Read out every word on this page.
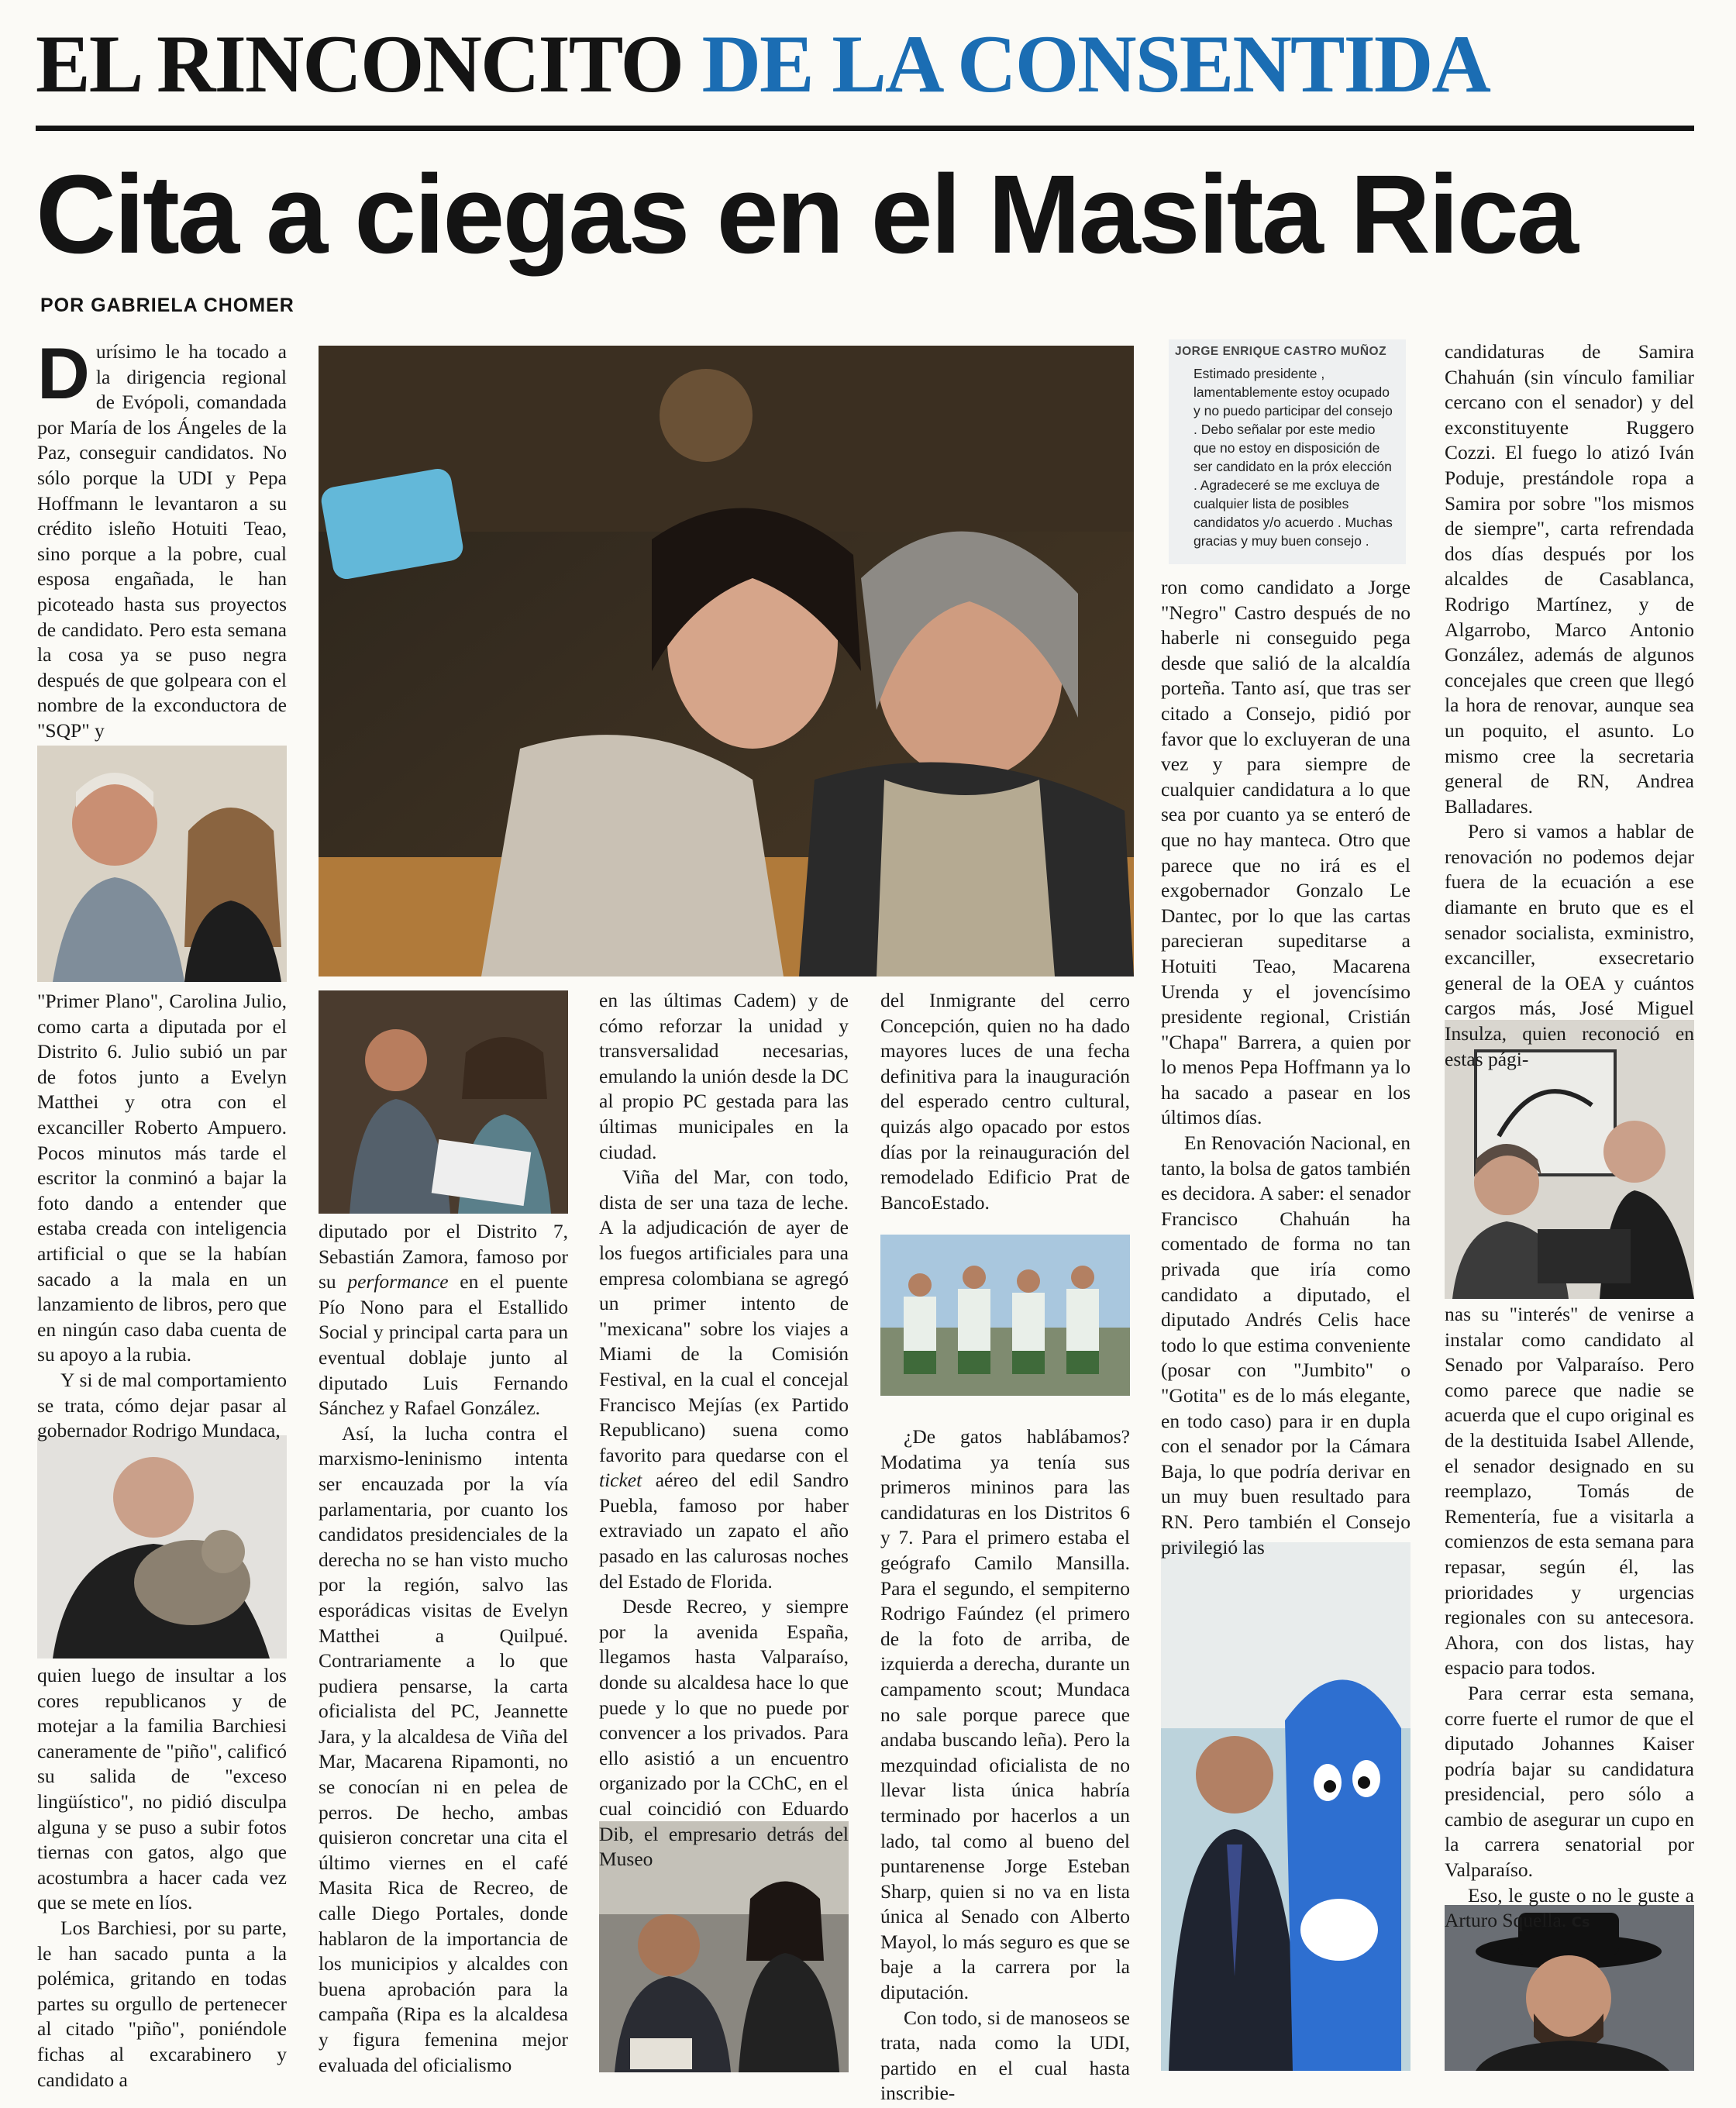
EL RINCONCITO DE LA CONSENTIDA
Cita a ciegas en el Masita Rica
POR GABRIELA CHOMER
JORGE ENRIQUE CASTRO MUÑOZ
Estimado presidente , lamentablemente estoy ocupado y no puedo participar del consejo . Debo señalar por este medio que no estoy en disposición de ser candidato en la próx elección . Agradeceré se me excluya de cualquier lista de posibles candidatos y/o acuerdo . Muchas gracias y muy buen consejo .

Durísimo le ha tocado a la dirigencia regional de Evópoli, comandada por María de los Ángeles de la Paz, conseguir candidatos. No sólo porque la UDI y Pepa Hoffmann le levantaron a su crédito isleño Hotuiti Teao, sino porque a la pobre, cual esposa engañada, le han picoteado hasta sus proyectos de candidato. Pero esta semana la cosa ya se puso negra después de que golpeara con el nombre de la exconductora de "SQP" y

"Primer Plano", Carolina Julio, como carta a diputada por el Distrito 6. Julio subió un par de fotos junto a Evelyn Matthei y otra con el excanciller Roberto Ampuero. Pocos minutos más tarde el escritor la conminó a bajar la foto dando a entender que estaba creada con inteligencia artificial o que se la habían sacado a la mala en un lanzamiento de libros, pero que en ningún caso daba cuenta de su apoyo a la rubia.

Y si de mal comportamiento se trata, cómo dejar pasar al gobernador Rodrigo Mundaca,

quien luego de insultar a los cores republicanos y de motejar a la familia Barchiesi caneramente de "piño", calificó su salida de "exceso lingüístico", no pidió disculpa alguna y se puso a subir fotos tiernas con gatos, algo que acostumbra a hacer cada vez que se mete en líos.

Los Barchiesi, por su parte, le han sacado punta a la polémica, gritando en todas partes su orgullo de pertenecer al citado "piño", poniéndole fichas al excarabinero y candidato a

diputado por el Distrito 7, Sebastián Zamora, famoso por su performance en el puente Pío Nono para el Estallido Social y principal carta para un eventual doblaje junto al diputado Luis Fernando Sánchez y Rafael González.

Así, la lucha contra el marxismo-leninismo intenta ser encauzada por la vía parlamentaria, por cuanto los candidatos presidenciales de la derecha no se han visto mucho por la región, salvo las esporádicas visitas de Evelyn Matthei a Quilpué. Contrariamente a lo que pudiera pensarse, la carta oficialista del PC, Jeannette Jara, y la alcaldesa de Viña del Mar, Macarena Ripamonti, no se conocían ni en pelea de perros. De hecho, ambas quisieron concretar una cita el último viernes en el café Masita Rica de Recreo, de calle Diego Portales, donde hablaron de la importancia de los municipios y alcaldes con buena aprobación para la campaña (Ripa es la alcaldesa y figura femenina mejor evaluada del oficialismo

en las últimas Cadem) y de cómo reforzar la unidad y transversalidad necesarias, emulando la unión desde la DC al propio PC gestada para las últimas municipales en la ciudad.

Viña del Mar, con todo, dista de ser una taza de leche. A la adjudicación de ayer de los fuegos artificiales para una empresa colombiana se agregó un primer intento de "mexicana" sobre los viajes a Miami de la Comisión Festival, en la cual el concejal Francisco Mejías (ex Partido Republicano) suena como favorito para quedarse con el ticket aéreo del edil Sandro Puebla, famoso por haber extraviado un zapato el año pasado en las calurosas noches del Estado de Florida.

Desde Recreo, y siempre por la avenida España, llegamos hasta Valparaíso, donde su alcaldesa hace lo que puede y lo que no puede por convencer a los privados. Para ello asistió a un encuentro organizado por la CChC, en el cual coincidió con Eduardo Dib, el empresario detrás del Museo

del Inmigrante del cerro Concepción, quien no ha dado mayores luces de una fecha definitiva para la inauguración del esperado centro cultural, quizás algo opacado por estos días por la reinauguración del remodelado Edificio Prat de BancoEstado.

¿De gatos hablábamos? Modatima ya tenía sus primeros mininos para las candidaturas en los Distritos 6 y 7. Para el primero estaba el geógrafo Camilo Mansilla. Para el segundo, el sempiterno Rodrigo Faúndez (el primero de la foto de arriba, de izquierda a derecha, durante un campamento scout; Mundaca no sale porque parece que andaba buscando leña). Pero la mezquindad oficialista de no llevar lista única habría terminado por hacerlos a un lado, tal como al bueno del puntarenense Jorge Esteban Sharp, quien si no va en lista única al Senado con Alberto Mayol, lo más seguro es que se baje a la carrera por la diputación.

Con todo, si de manoseos se trata, nada como la UDI, partido en el cual hasta inscribie-

ron como candidato a Jorge "Negro" Castro después de no haberle ni conseguido pega desde que salió de la alcaldía porteña. Tanto así, que tras ser citado a Consejo, pidió por favor que lo excluyeran de una vez y para siempre de cualquier candidatura a lo que sea por cuanto ya se enteró de que no hay manteca. Otro que parece que no irá es el exgobernador Gonzalo Le Dantec, por lo que las cartas parecieran supeditarse a Hotuiti Teao, Macarena Urenda y el jovencísimo presidente regional, Cristián "Chapa" Barrera, a quien por lo menos Pepa Hoffmann ya lo ha sacado a pasear en los últimos días.

En Renovación Nacional, en tanto, la bolsa de gatos también es decidora. A saber: el senador Francisco Chahuán ha comentado de forma no tan privada que iría como candidato a diputado, el diputado Andrés Celis hace todo lo que estima conveniente (posar con "Jumbito" o "Gotita" es de lo más elegante, en todo caso) para ir en dupla con el senador por la Cámara Baja, lo que podría derivar en un muy buen resultado para RN. Pero también el Consejo privilegió las

candidaturas de Samira Chahuán (sin vínculo familiar cercano con el senador) y del exconstituyente Ruggero Cozzi. El fuego lo atizó Iván Poduje, prestándole ropa a Samira por sobre "los mismos de siempre", carta refrendada dos días después por los alcaldes de Casablanca, Rodrigo Martínez, y de Algarrobo, Marco Antonio González, además de algunos concejales que creen que llegó la hora de renovar, aunque sea un poquito, el asunto. Lo mismo cree la secretaria general de RN, Andrea Balladares.

Pero si vamos a hablar de renovación no podemos dejar fuera de la ecuación a ese diamante en bruto que es el senador socialista, exministro, excanciller, exsecretario general de la OEA y cuántos cargos más, José Miguel Insulza, quien reconoció en estas pági-

nas su "interés" de venirse a instalar como candidato al Senado por Valparaíso. Pero como parece que nadie se acuerda que el cupo original es de la destituida Isabel Allende, el senador designado en su reemplazo, Tomás de Rementería, fue a visitarla a comienzos de esta semana para repasar, según él, las prioridades y urgencias regionales con su antecesora. Ahora, con dos listas, hay espacio para todos.

Para cerrar esta semana, corre fuerte el rumor de que el diputado Johannes Kaiser podría bajar su candidatura presidencial, pero sólo a cambio de asegurar un cupo en la carrera senatorial por Valparaíso.

Eso, le guste o no le guste a Arturo Squella. Cs
